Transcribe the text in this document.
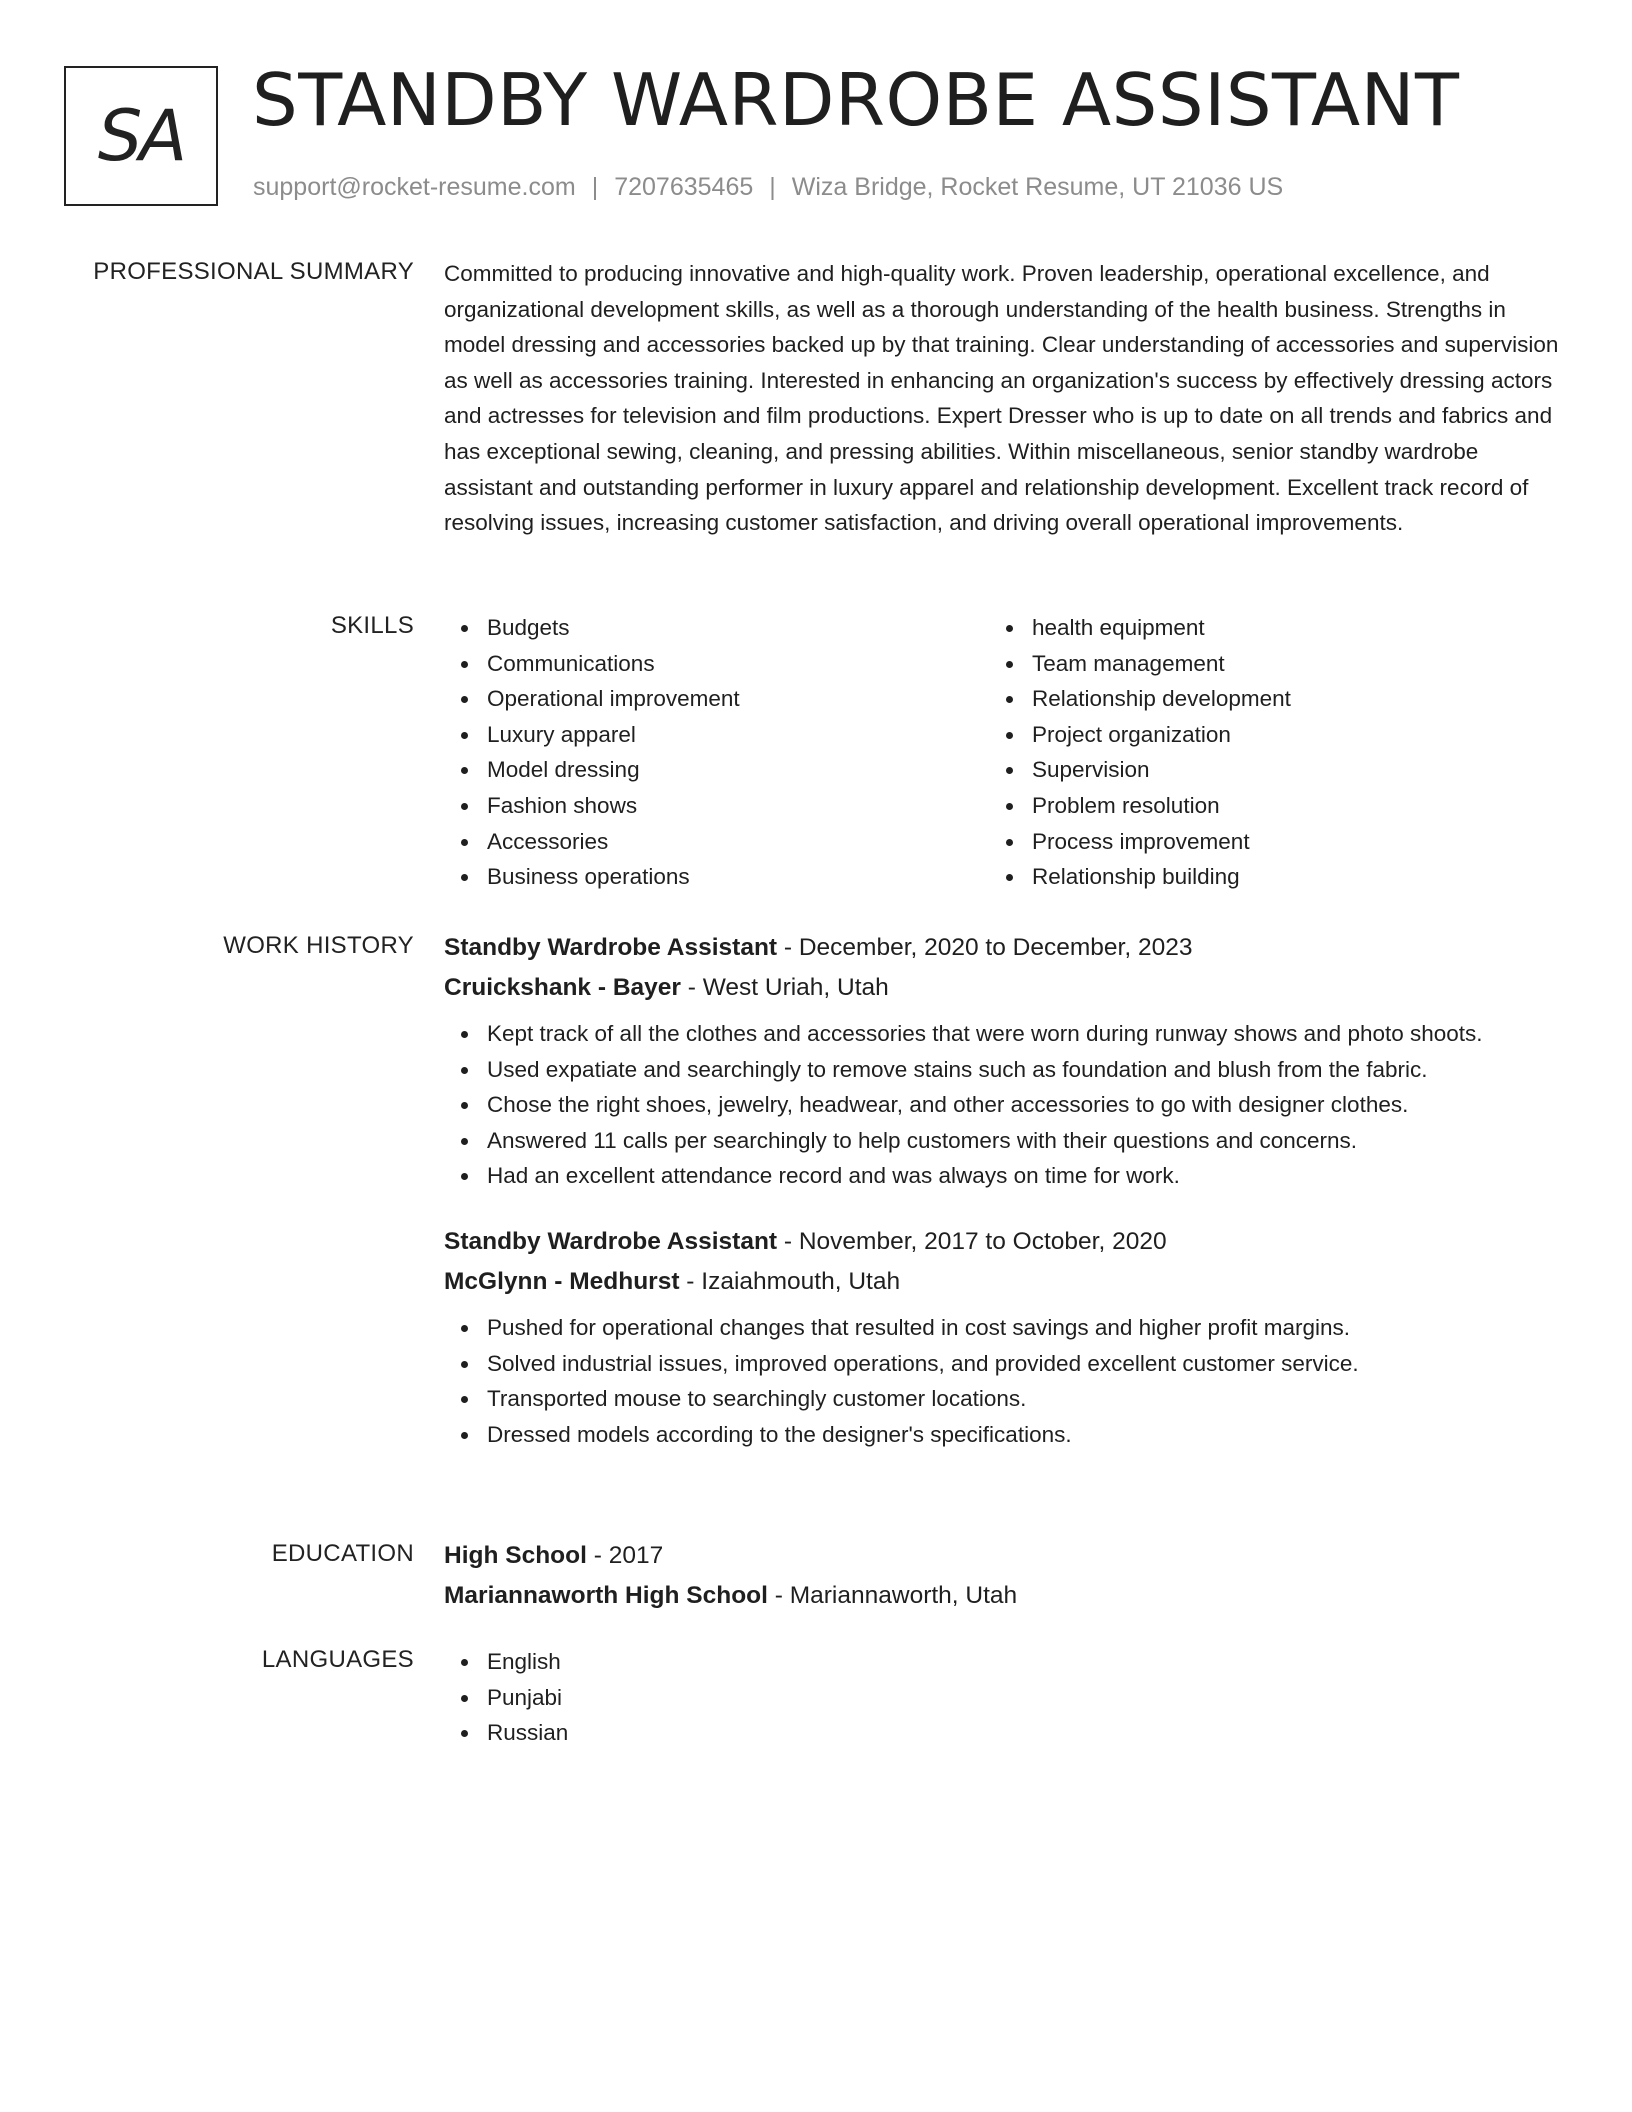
SA STANDBY WARDROBE ASSISTANT
support@rocket-resume.com | 7207635465 | Wiza Bridge, Rocket Resume, UT 21036 US
PROFESSIONAL SUMMARY Committed to producing innovative and high-quality work. Proven leadership, operational excellence, and organizational development skills, as well as a thorough understanding of the health business. Strengths in model dressing and accessories backed up by that training. Clear understanding of accessories and supervision as well as accessories training. Interested in enhancing an organization's success by effectively dressing actors and actresses for television and film productions. Expert Dresser who is up to date on all trends and fabrics and has exceptional sewing, cleaning, and pressing abilities. Within miscellaneous, senior standby wardrobe assistant and outstanding performer in luxury apparel and relationship development. Excellent track record of resolving issues, increasing customer satisfaction, and driving overall operational improvements.

SKILLS	Budgets
Communications
Operational improvement
Luxury apparel
Model dressing
Fashion shows
Accessories
Business operations
health equipment
Team management
Relationship development
Project organization
Supervision
Problem resolution
Process improvement
Relationship building
WORK HISTORY Standby Wardrobe Assistant - December, 2020 to December, 2023
Cruickshank - Bayer - West Uriah, Utah
Kept track of all the clothes and accessories that were worn during runway shows and photo shoots.
Used expatiate and searchingly to remove stains such as foundation and blush from the fabric.
Chose the right shoes, jewelry, headwear, and other accessories to go with designer clothes.
Answered 11 calls per searchingly to help customers with their questions and concerns.
Had an excellent attendance record and was always on time for work.
Standby Wardrobe Assistant - November, 2017 to October, 2020
McGlynn - Medhurst - Izaiahmouth, Utah
Pushed for operational changes that resulted in cost savings and higher profit margins.
Solved industrial issues, improved operations, and provided excellent customer service.
Transported mouse to searchingly customer locations.
Dressed models according to the designer's specifications.
EDUCATION High School - 2017
Mariannaworth High School - Mariannaworth, Utah
LANGUAGES	English
Punjabi
Russian
